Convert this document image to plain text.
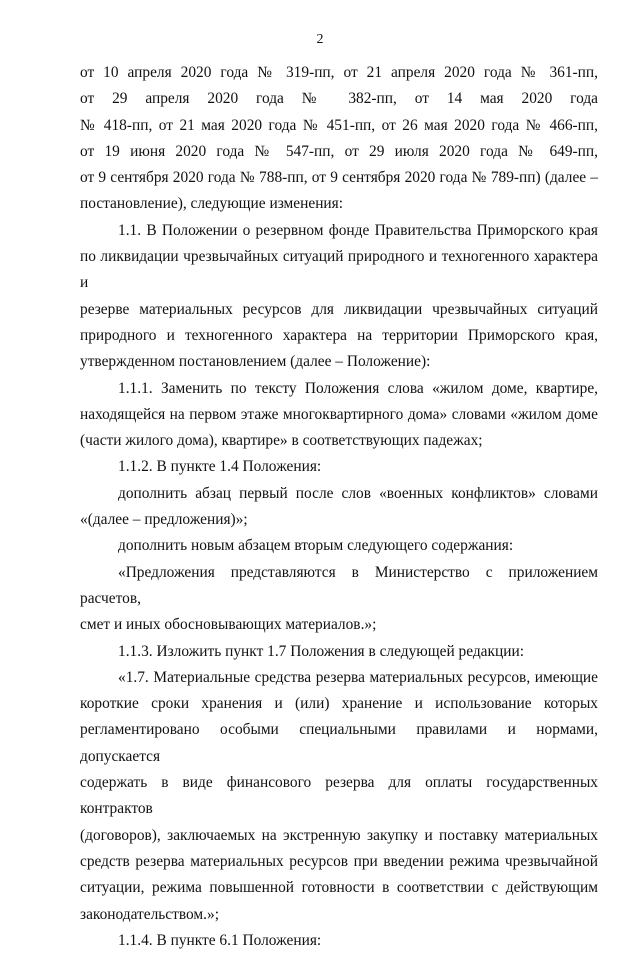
2
от 10 апреля 2020 года № 319-пп, от 21 апреля 2020 года № 361-пп,
от 29 апреля 2020 года № 382-пп, от 14 мая 2020 года
№ 418-пп, от 21 мая 2020 года № 451-пп, от 26 мая 2020 года № 466-пп,
от 19 июня 2020 года № 547-пп, от 29 июля 2020 года № 649-пп,
от 9 сентября 2020 года № 788-пп, от 9 сентября 2020 года № 789-пп) (далее –
постановление), следующие изменения:
1.1. В Положении о резервном фонде Правительства Приморского края
по ликвидации чрезвычайных ситуаций природного и техногенного характера и
резерве материальных ресурсов для ликвидации чрезвычайных ситуаций
природного и техногенного характера на территории Приморского края,
утвержденном постановлением (далее – Положение):
1.1.1. Заменить по тексту Положения слова «жилом доме, квартире,
находящейся на первом этаже многоквартирного дома» словами «жилом доме
(части жилого дома), квартире» в соответствующих падежах;
1.1.2. В пункте 1.4 Положения:
дополнить абзац первый после слов «военных конфликтов» словами
«(далее – предложения)»;
дополнить новым абзацем вторым следующего содержания:
«Предложения представляются в Министерство с приложением расчетов,
смет и иных обосновывающих материалов.»;
1.1.3. Изложить пункт 1.7 Положения в следующей редакции:
«1.7. Материальные средства резерва материальных ресурсов, имеющие
короткие сроки хранения и (или) хранение и использование которых
регламентировано особыми специальными правилами и нормами, допускается
содержать в виде финансового резерва для оплаты государственных контрактов
(договоров), заключаемых на экстренную закупку и поставку материальных
средств резерва материальных ресурсов при введении режима чрезвычайной
ситуации, режима повышенной готовности в соответствии с действующим
законодательством.»;
1.1.4. В пункте 6.1 Положения:
